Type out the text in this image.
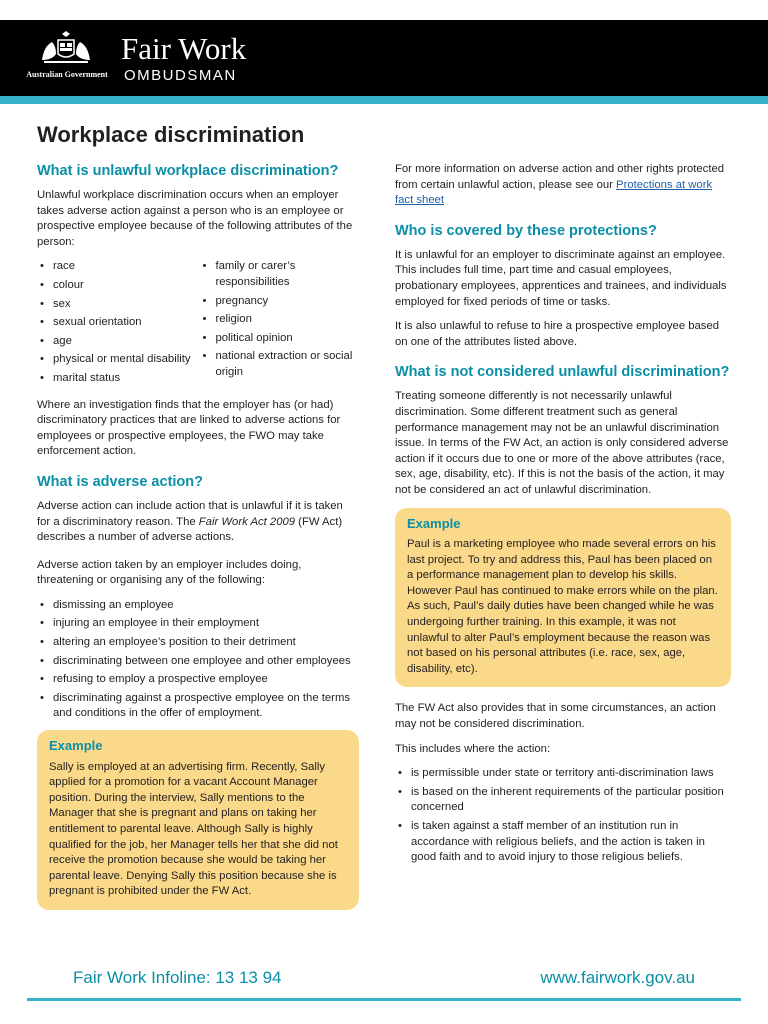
Australian Government
Fair Work
OMBUDSMAN
Workplace discrimination
What is unlawful workplace discrimination?

Unlawful workplace discrimination occurs when an employer takes adverse action against a person who is an employee or prospective employee because of the following attributes of the person:

• race
• colour
• sex
• sexual orientation
• age
• physical or mental disability
• marital status
• family or carer’s responsibilities
• pregnancy
• religion
• political opinion
• national extraction or social origin

Where an investigation finds that the employer has (or had) discriminatory practices that are linked to adverse actions for employees or prospective employees, the FWO may take enforcement action.

What is adverse action?

Adverse action can include action that is unlawful if it is taken for a discriminatory reason. The Fair Work Act 2009 (FW Act) describes a number of adverse actions.

Adverse action taken by an employer includes doing, threatening or organising any of the following:

• dismissing an employee
• injuring an employee in their employment
• altering an employee’s position to their detriment
• discriminating between one employee and other employees
• refusing to employ a prospective employee
• discriminating against a prospective employee on the terms and conditions in the offer of employment.
Example

Sally is employed at an advertising firm. Recently, Sally applied for a promotion for a vacant Account Manager position. During the interview, Sally mentions to the Manager that she is pregnant and plans on taking her entitlement to parental leave. Although Sally is highly qualified for the job, her Manager tells her that she did not receive the promotion because she would be taking her parental leave. Denying Sally this position because she is pregnant is prohibited under the FW Act.

For more information on adverse action and other rights protected from certain unlawful action, please see our Protections at work fact sheet

Who is covered by these protections?

It is unlawful for an employer to discriminate against an employee. This includes full time, part time and casual employees, probationary employees, apprentices and trainees, and individuals employed for fixed periods of time or tasks.

It is also unlawful to refuse to hire a prospective employee based on one of the attributes listed above.

What is not considered unlawful discrimination?

Treating someone differently is not necessarily unlawful discrimination. Some different treatment such as general performance management may not be an unlawful discrimination issue. In terms of the FW Act, an action is only considered adverse action if it occurs due to one or more of the above attributes (race, sex, age, disability, etc). If this is not the basis of the action, it may not be considered an act of unlawful discrimination.

Example

Paul is a marketing employee who made several errors on his last project. To try and address this, Paul has been placed on a performance management plan to develop his skills. However Paul has continued to make errors while on the plan. As such, Paul’s daily duties have been changed while he was undergoing further training. In this example, it was not unlawful to alter Paul’s employment because the reason was not based on his personal attributes (i.e. race, sex, age, disability, etc).

The FW Act also provides that in some circumstances, an action may not be considered discrimination.

This includes where the action:

• is permissible under state or territory anti-discrimination laws
• is based on the inherent requirements of the particular position concerned
• is taken against a staff member of an institution run in accordance with religious beliefs, and the action is taken in good faith and to avoid injury to those religious beliefs.
Fair Work Infoline: 13 13 94	www.fairwork.gov.au
